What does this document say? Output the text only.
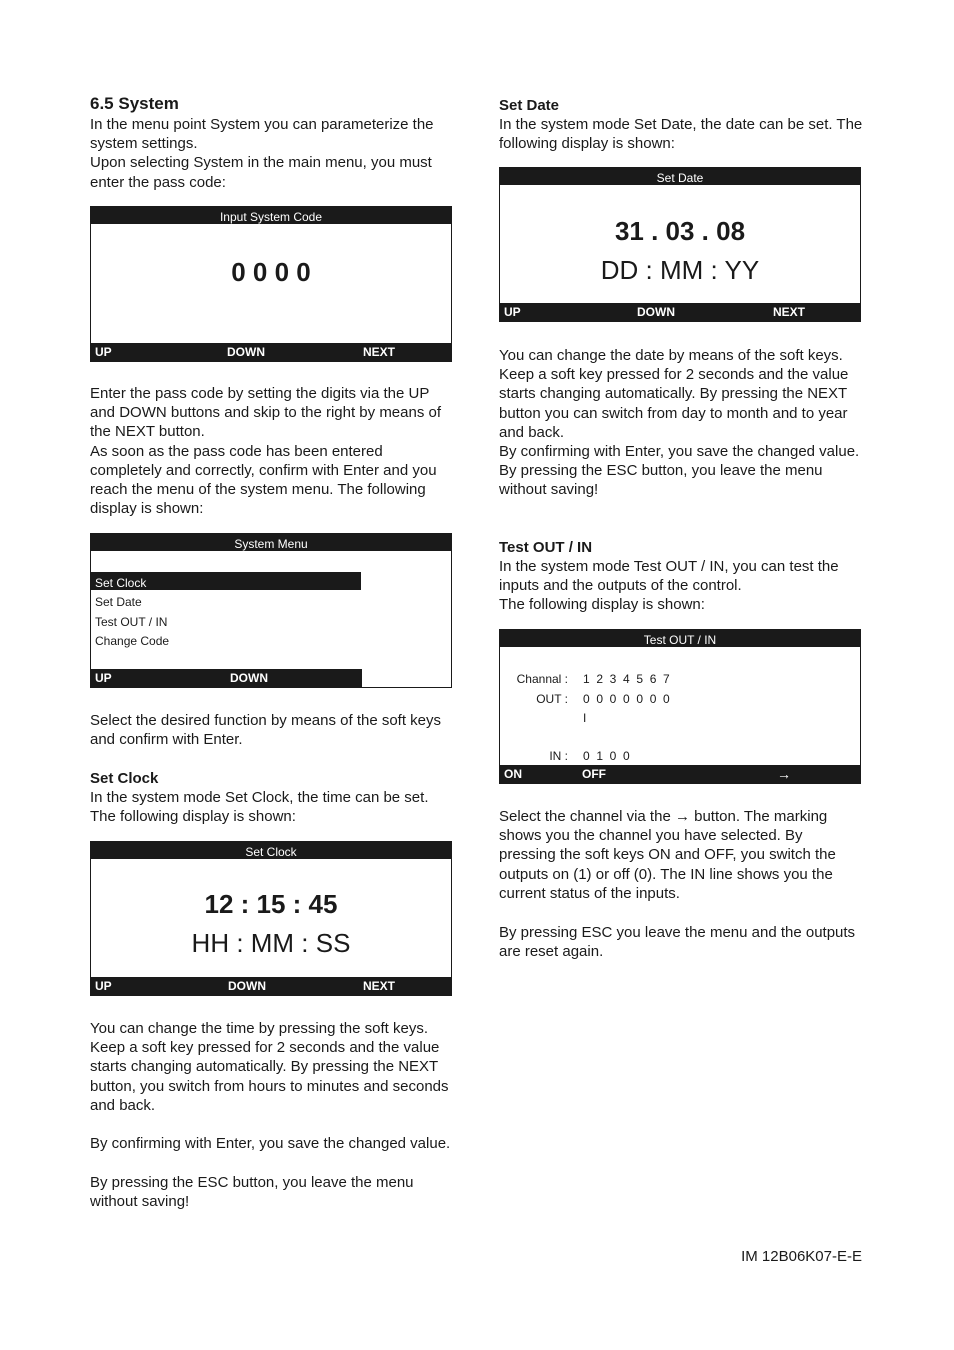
6.5 System

In the menu point System you can parameterize the system settings.
Upon selecting System in the main menu, you must enter the pass code:

Input System Code
0 0 0 0
UP	DOWN	NEXT

Enter the pass code by setting the digits via the UP and DOWN buttons and skip to the right by means of the NEXT button.
As soon as the pass code has been entered completely and correctly, confirm with Enter and you reach the menu of the system menu. The following display is shown:

System Menu
Set Clock
Set Date
Test OUT / IN
Change Code
UP	DOWN

Select the desired function by means of the soft keys and confirm with Enter.

Set Clock

In the system mode Set Clock, the time can be set. The following display is shown:

Set Clock
12 : 15 : 45
HH : MM : SS
UP	DOWN	NEXT

You can change the time by pressing the soft keys. Keep a soft key pressed for 2 seconds and the value starts changing automatically. By pressing the NEXT button, you switch from hours to minutes and seconds and back.

By confirming with Enter, you save the changed value.

By pressing the ESC button, you leave the menu without saving!

Set Date

In the system mode Set Date, the date can be set. The following display is shown:

Set Date
31 . 03 . 08
DD : MM : YY
UP	DOWN	NEXT

You can change the date by means of the soft keys. Keep a soft key pressed for 2 seconds and the value starts changing automatically. By pressing the NEXT button you can switch from day to month and to year and back.
By confirming with Enter, you save the changed value.
By pressing the ESC button, you leave the menu without saving!

Test OUT / IN

In the system mode Test OUT / IN, you can test the inputs and the outputs of the control.
The following display is shown:

Test OUT / IN
Channal : 1  2  3  4  5  6  7
OUT : 0  0  0  0  0  0  0
I
IN : 0  1  0  0
ON	OFF	→

Select the channel via the → button. The marking shows you the channel you have selected. By pressing the soft keys ON and OFF, you switch the outputs on (1) or off (0). The IN line shows you the current status of the inputs.

By pressing ESC you leave the menu and the outputs are reset again.

IM 12B06K07-E-E
